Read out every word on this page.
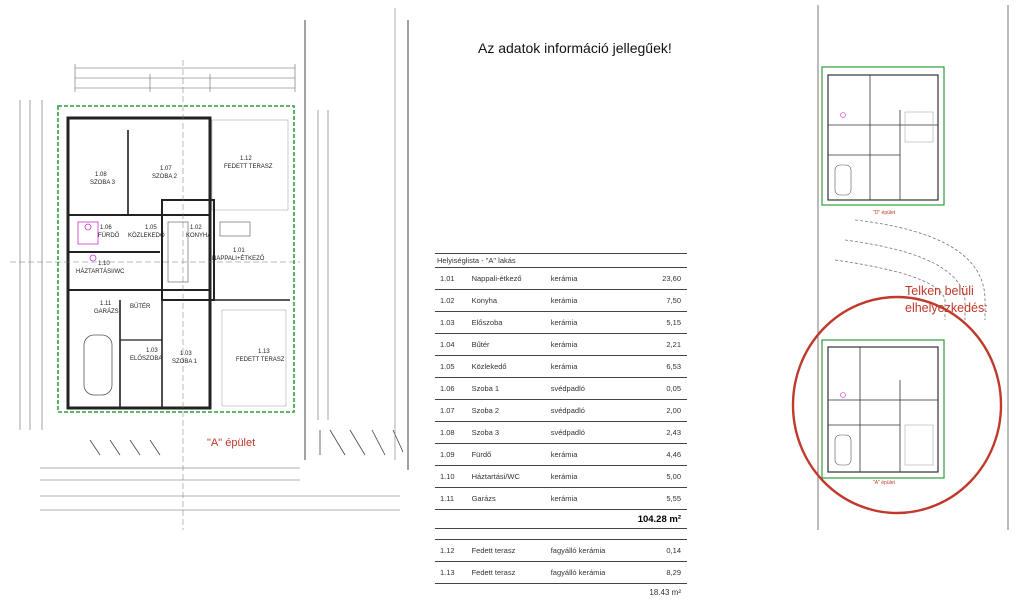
1.07
SZOBA 2
1.08
SZOBA 3
1.12
FEDETT TERASZ
1.06
FÜRDŐ
1.05
KÖZLEKEDŐ
1.02
KONYHA
1.01
NAPPALI+ÉTKEZŐ
1.10
HÁZTARTÁSI/WC
1.11
GARÁZS
BŰTÉR
1.03
ELŐSZOBA
1.13
FEDETT TERASZ
1.03
SZOBA 1
"D" épület
"A" épület
Az adatok információ jellegűek!
"A" épület
Telken belüli
elhelyezkedés:
Helyiséglista - "A" lakás			
1.01	Nappali-étkező	kerámia	23,60
1.02	Konyha	kerámia	7,50
1.03	Előszoba	kerámia	5,15
1.04	Bűtér	kerámia	2,21
1.05	Közlekedő	kerámia	6,53
1.06	Szoba 1	svédpadló	0,05
1.07	Szoba 2	svédpadló	2,00
1.08	Szoba 3	svédpadló	2,43
1.09	Fürdő	kerámia	4,46
1.10	Háztartási/WC	kerámia	5,00
1.11	Garázs	kerámia	5,55
104.28 m²			

1.12	Fedett terasz	fagyálló kerámia	0,14
1.13	Fedett terasz	fagyálló kerámia	8,29
18.43 m²			
